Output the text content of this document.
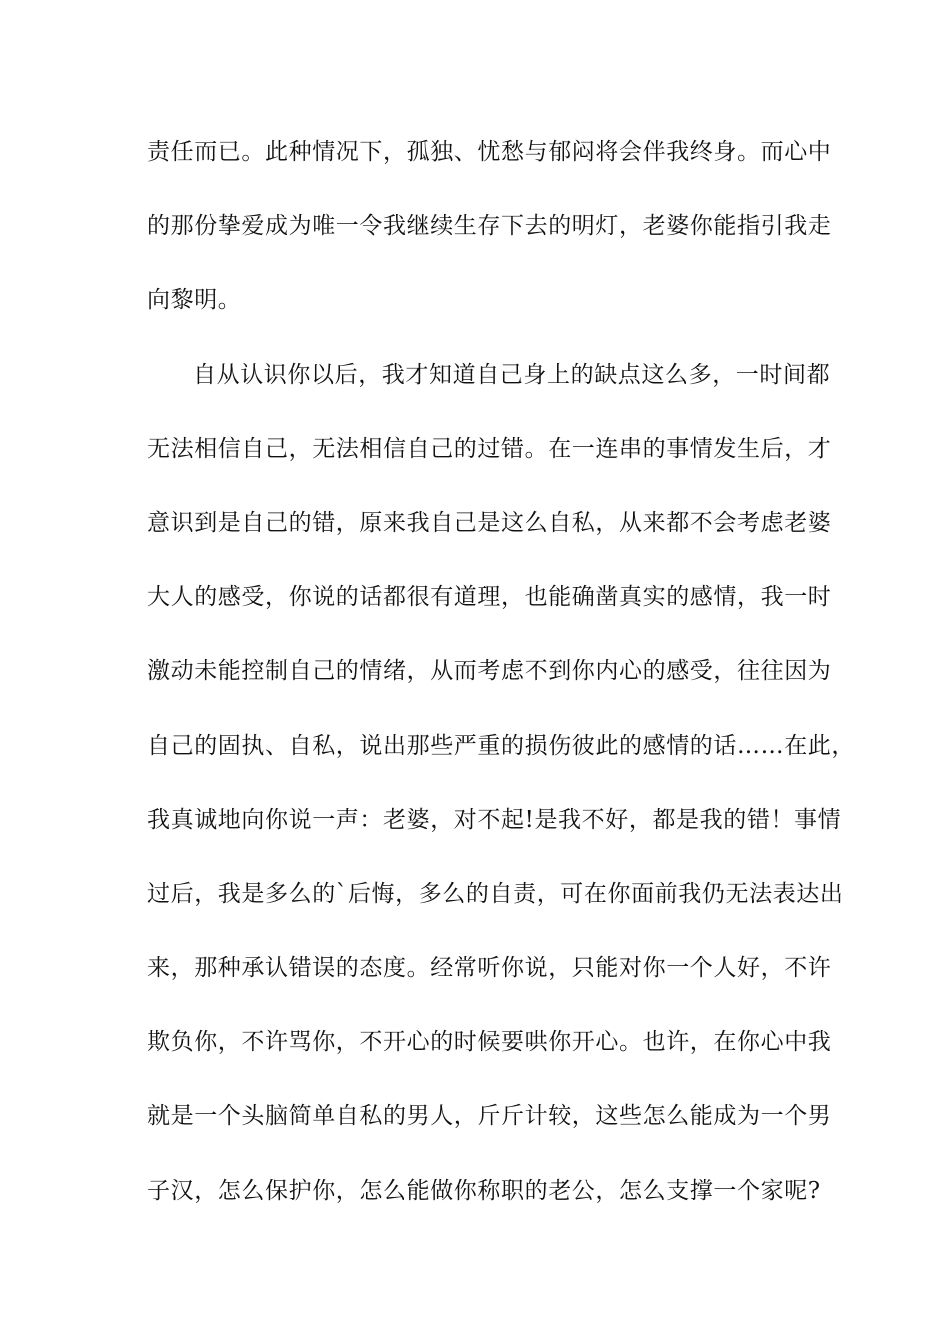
责任而已。此种情况下，孤独、忧愁与郁闷将会伴我终身。而心中
的那份挚爱成为唯一令我继续生存下去的明灯，老婆你能指引我走
向黎明。
自从认识你以后，我才知道自己身上的缺点这么多，一时间都
无法相信自己，无法相信自己的过错。在一连串的事情发生后，才
意识到是自己的错，原来我自己是这么自私，从来都不会考虑老婆
大人的感受，你说的话都很有道理，也能确凿真实的感情，我一时
激动未能控制自己的情绪，从而考虑不到你内心的感受，往往因为
自己的固执、自私，说出那些严重的损伤彼此的感情的话……在此，
我真诚地向你说一声：老婆，对不起!是我不好，都是我的错！事情
过后，我是多么的`后悔，多么的自责，可在你面前我仍无法表达出
来，那种承认错误的态度。经常听你说，只能对你一个人好，不许
欺负你，不许骂你，不开心的时候要哄你开心。也许，在你心中我
就是一个头脑简单自私的男人，斤斤计较，这些怎么能成为一个男
子汉，怎么保护你，怎么能做你称职的老公，怎么支撑一个家呢?
